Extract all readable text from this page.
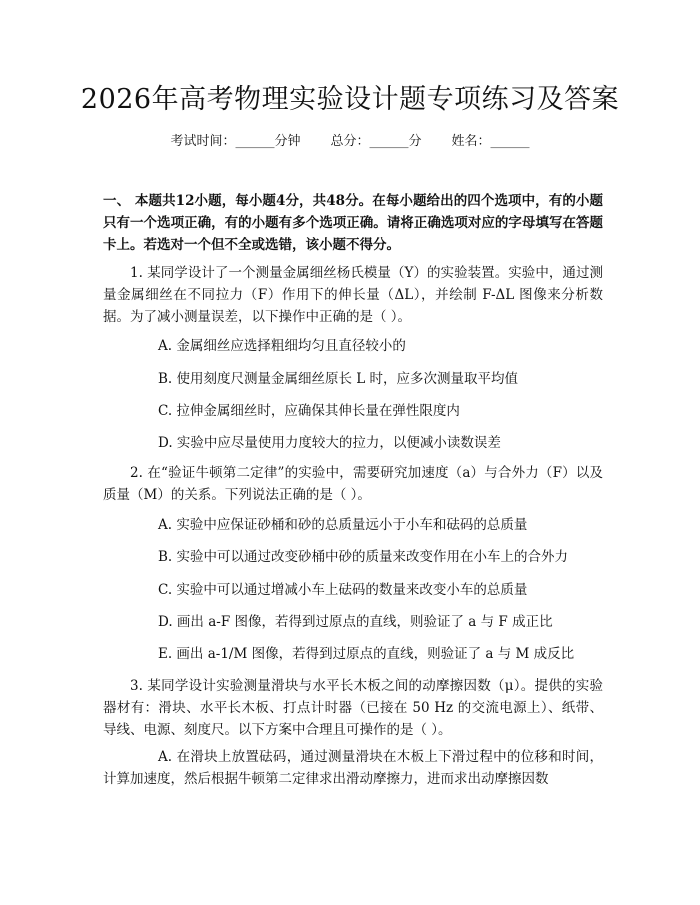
2026年高考物理实验设计题专项练习及答案
考试时间：______分钟 总分：______分 姓名：______
一、 本题共12小题，每小题4分，共48分。在每小题给出的四个选项中，有的小题只有一个选项正确，有的小题有多个选项正确。请将正确选项对应的字母填写在答题卡上。若选对一个但不全或选错，该小题不得分。
1. 某同学设计了一个测量金属细丝杨氏模量（Y）的实验装置。实验中，通过测量金属细丝在不同拉力（F）作用下的伸长量（ΔL），并绘制 F-ΔL 图像来分析数据。为了减小测量误差，以下操作中正确的是（ ）。
A. 金属细丝应选择粗细均匀且直径较小的
B. 使用刻度尺测量金属细丝原长 L 时，应多次测量取平均值
C. 拉伸金属细丝时，应确保其伸长量在弹性限度内
D. 实验中应尽量使用力度较大的拉力，以便减小读数误差
2. 在“验证牛顿第二定律”的实验中，需要研究加速度（a）与合外力（F）以及质量（M）的关系。下列说法正确的是（ ）。
A. 实验中应保证砂桶和砂的总质量远小于小车和砝码的总质量
B. 实验中可以通过改变砂桶中砂的质量来改变作用在小车上的合外力
C. 实验中可以通过增减小车上砝码的数量来改变小车的总质量
D. 画出 a-F 图像，若得到过原点的直线，则验证了 a 与 F 成正比
E. 画出 a-1/M 图像，若得到过原点的直线，则验证了 a 与 M 成反比
3. 某同学设计实验测量滑块与水平长木板之间的动摩擦因数（μ）。提供的实验器材有：滑块、水平长木板、打点计时器（已接在 50 Hz 的交流电源上）、纸带、导线、电源、刻度尺。以下方案中合理且可操作的是（ ）。
A. 在滑块上放置砝码，通过测量滑块在木板上下滑过程中的位移和时间，计算加速度，然后根据牛顿第二定律求出滑动摩擦力，进而求出动摩擦因数
